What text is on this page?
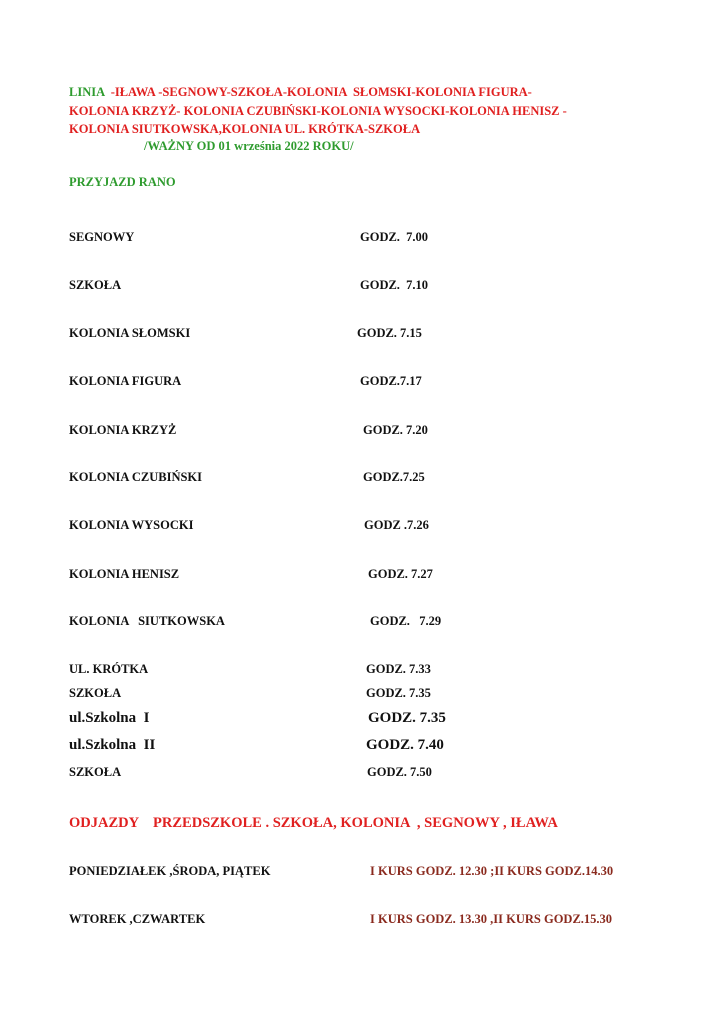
LINIA  -IŁAWA -SEGNOWY-SZKOŁA-KOLONIA  SŁOMSKI-KOLONIA FIGURA-
KOLONIA KRZYŻ- KOLONIA CZUBIŃSKI-KOLONIA WYSOCKI-KOLONIA HENISZ -
KOLONIA SIUTKOWSKA,KOLONIA UL. KRÓTKA-SZKOŁA
/WAŻNY OD 01 września 2022 ROKU/
PRZYJAZD RANO
SEGNOWY	GODZ.  7.00
SZKOŁA	GODZ.  7.10
KOLONIA SŁOMSKI	GODZ. 7.15
KOLONIA FIGURA	GODZ.7.17
KOLONIA KRZYŻ	GODZ. 7.20
KOLONIA CZUBIŃSKI	GODZ.7.25
KOLONIA WYSOCKI	GODZ .7.26
KOLONIA HENISZ	GODZ. 7.27
KOLONIA   SIUTKOWSKA	GODZ.   7.29
UL. KRÓTKA	GODZ. 7.33
SZKOŁA	GODZ. 7.35
ul.Szkolna  I	GODZ. 7.35
ul.Szkolna  II	GODZ. 7.40
SZKOŁA	GODZ. 7.50
ODJAZDY    PRZEDSZKOLE . SZKOŁA, KOLONIA  , SEGNOWY , IŁAWA
PONIEDZIAŁEK ,ŚRODA, PIĄTEK	I KURS GODZ. 12.30 ;II KURS GODZ.14.30
WTOREK ,CZWARTEK	I KURS GODZ. 13.30 ,II KURS GODZ.15.30
